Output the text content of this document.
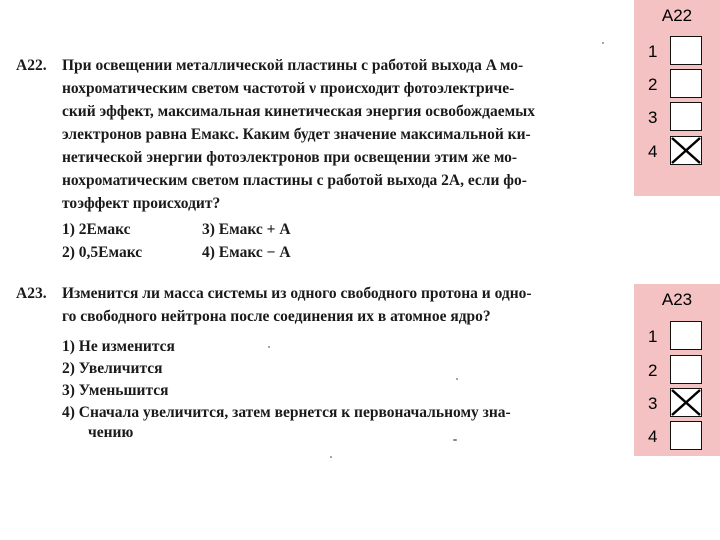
A22. При освещении металлической пластины с работой выхода A мо-
нохроматическим светом частотой ν происходит фотоэлектриче-
ский эффект, максимальная кинетическая энергия освобождаемых
электронов равна Eмакс. Каким будет значение максимальной ки-
нетической энергии фотоэлектронов при освещении этим же мо-
нохроматическим светом пластины с работой выхода 2A, если фо-
тоэффект происходит?
1) 2Eмакс	3) Eмакс + A
2) 0,5Eмакс	4) Eмакс − A
A23. Изменится ли масса системы из одного свободного протона и одно-
го свободного нейтрона после соединения их в атомное ядро?
1) Не изменится
2) Увеличится
3) Уменьшится
4) Сначала увеличится, затем вернется к первоначальному зна-
чению
A22
1
2
3
4
A23
1
2
3
4
